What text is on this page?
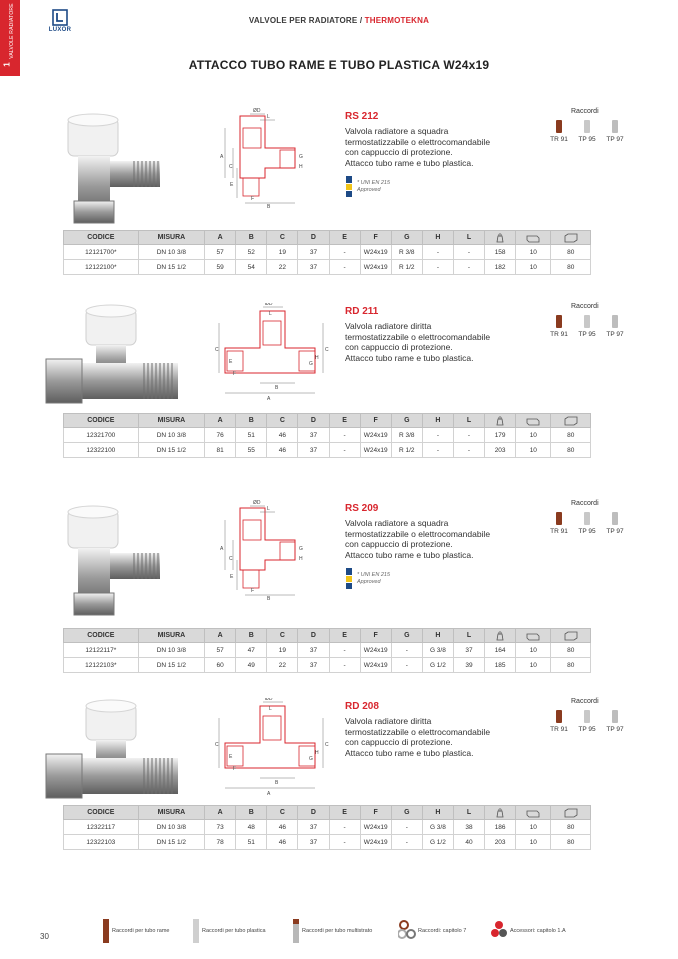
VALVOLE RADIATORE
1
LUXOR
VALVOLE PER RADIATORE / THERMOTEKNA
ATTACCO TUBO RAME E TUBO PLASTICA W24x19
A
C
E
B
ØD
L
G
H
F
RS 212
Valvola radiatore a squadra
termostatizzabile o elettrocomandabile
con cappuccio di protezione.
Attacco tubo rame e tubo plastica.
* UNI EN 215
Approved
Raccordi
TR 91	TP 95	TP 97
CODICE	MISURA	A	B	C	D	E	F	G	H	L	

12121700*	DN 10 3/8	57	52	19	37	-	W24x19	R 3/8	-	-	158	10	80
12122100*	DN 15 1/2	59	54	22	37	-	W24x19	R 1/2	-	-	182	10	80
C	C
A
B
ØD
L
E
F
H
G
RD 211
Valvola radiatore diritta
termostatizzabile o elettrocomandabile
con cappuccio di protezione.
Attacco tubo rame e tubo plastica.
Raccordi
TR 91	TP 95	TP 97
CODICE	MISURA	A	B	C	D	E	F	G	H	L	

12321700	DN 10 3/8	76	51	46	37	-	W24x19	R 3/8	-	-	179	10	80
12322100	DN 15 1/2	81	55	46	37	-	W24x19	R 1/2	-	-	203	10	80
A
C
E
B
ØD
L
G
H
F
RS 209
Valvola radiatore a squadra
termostatizzabile o elettrocomandabile
con cappuccio di protezione.
Attacco tubo rame e tubo plastica.
* UNI EN 215
Approved
Raccordi
TR 91	TP 95	TP 97
CODICE	MISURA	A	B	C	D	E	F	G	H	L	

12122117*	DN 10 3/8	57	47	19	37	-	W24x19	-	G 3/8	37	164	10	80
12122103*	DN 15 1/2	60	49	22	37	-	W24x19	-	G 1/2	39	185	10	80
C	C
A
B
ØD
L
E
F
H
G
RD 208
Valvola radiatore diritta
termostatizzabile o elettrocomandabile
con cappuccio di protezione.
Attacco tubo rame e tubo plastica.
Raccordi
TR 91	TP 95	TP 97
CODICE	MISURA	A	B	C	D	E	F	G	H	L	

12322117	DN 10 3/8	73	48	46	37	-	W24x19	-	G 3/8	38	186	10	80
12322103	DN 15 1/2	78	51	46	37	-	W24x19	-	G 1/2	40	203	10	80
30
Raccordi per tubo rame	Raccordi per tubo plastica	Raccordi per tubo multistrato	Raccordi: capitolo 7	Accessori: capitolo 1.A
